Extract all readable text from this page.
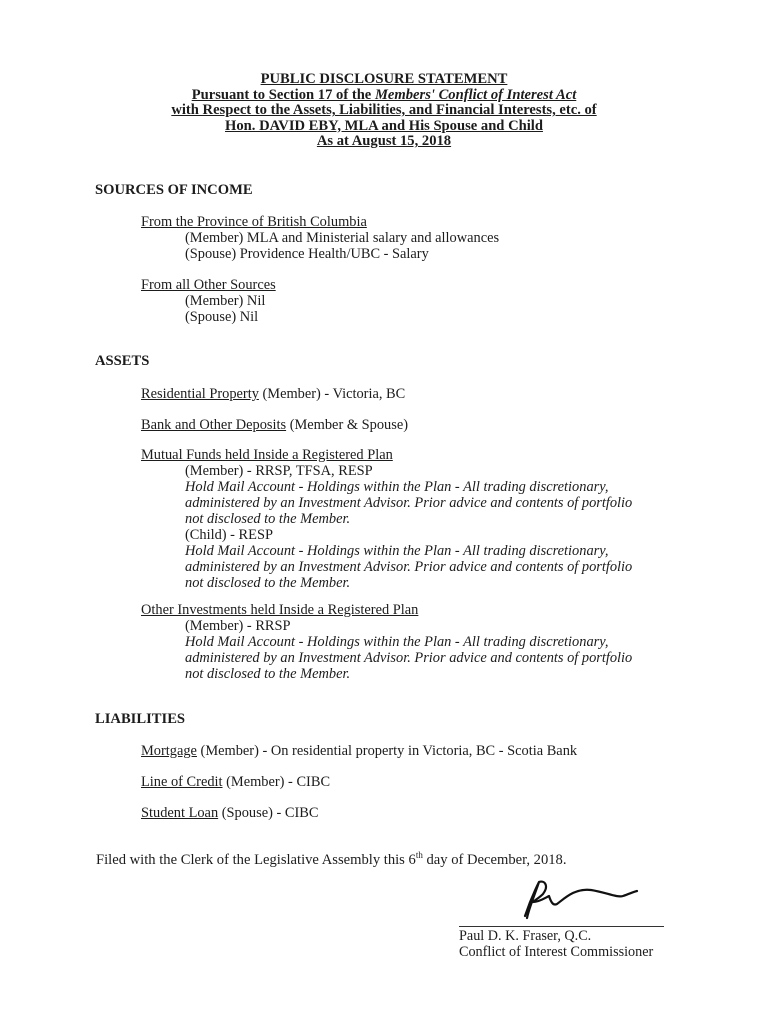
PUBLIC DISCLOSURE STATEMENT
Pursuant to Section 17 of the Members' Conflict of Interest Act
with Respect to the Assets, Liabilities, and Financial Interests, etc. of
Hon. DAVID EBY, MLA and His Spouse and Child
As at August 15, 2018
SOURCES OF INCOME
From the Province of British Columbia
(Member) MLA and Ministerial salary and allowances
(Spouse) Providence Health/UBC - Salary
From all Other Sources
(Member) Nil
(Spouse) Nil
ASSETS
Residential Property (Member) - Victoria, BC
Bank and Other Deposits (Member & Spouse)
Mutual Funds held Inside a Registered Plan
(Member) - RRSP, TFSA, RESP
Hold Mail Account - Holdings within the Plan - All trading discretionary,
administered by an Investment Advisor. Prior advice and contents of portfolio
not disclosed to the Member.
(Child) - RESP
Hold Mail Account - Holdings within the Plan - All trading discretionary,
administered by an Investment Advisor. Prior advice and contents of portfolio
not disclosed to the Member.
Other Investments held Inside a Registered Plan
(Member) - RRSP
Hold Mail Account - Holdings within the Plan - All trading discretionary,
administered by an Investment Advisor. Prior advice and contents of portfolio
not disclosed to the Member.
LIABILITIES
Mortgage (Member) - On residential property in Victoria, BC - Scotia Bank
Line of Credit (Member) - CIBC
Student Loan (Spouse) - CIBC
Filed with the Clerk of the Legislative Assembly this 6th day of December, 2018.
Paul D. K. Fraser, Q.C.
Conflict of Interest Commissioner
